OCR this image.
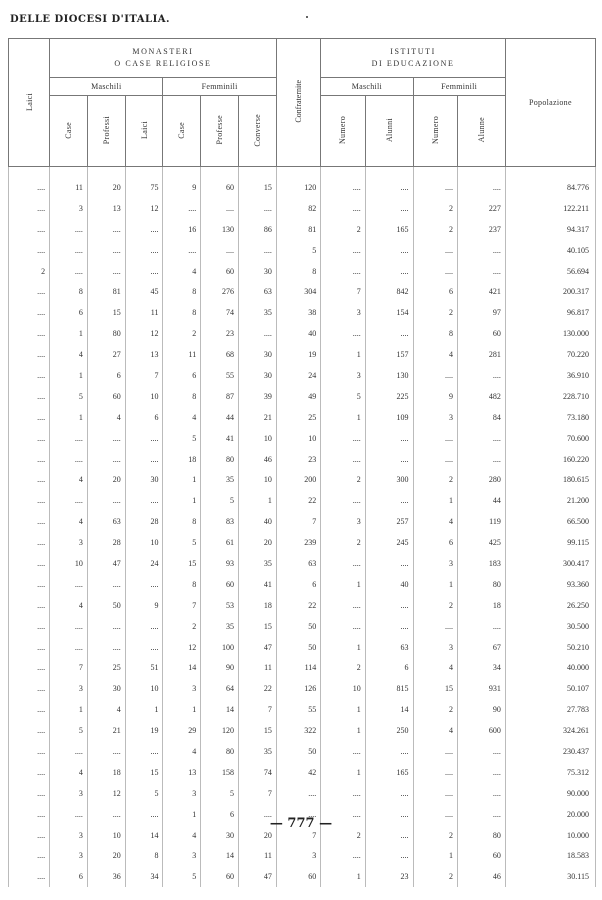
DELLE DIOCESI D'ITALIA.
Laici	MONASTERI
O CASE RELIGIOSE						Confraternite	ISTITUTI
DI EDUCAZIONE				Popolazione
	Maschili			Femminili				Maschili		Femminili		
	Case	Professi	Laici	Case	Professe	Converse		Numero	Alunni	Numero	Alunne	

....	11	20	75	9	60	15	120	....	....	....	....	84.776
....	3	13	12	....	....	....	82	....	....	2	227	122.211
....	....	....	....	16	130	86	81	2	165	2	237	94.317
....	....	....	....	....	....	....	5	....	....	....	....	40.105
2	....	....	....	4	60	30	8	....	....	....	....	56.694
....	8	81	45	8	276	63	304	7	842	6	421	200.317
....	6	15	11	8	74	35	38	3	154	2	97	96.817
....	1	80	12	2	23	....	40	....	....	8	60	130.000
....	4	27	13	11	68	30	19	1	157	4	281	70.220
....	1	6	7	6	55	30	24	3	130	....	....	36.910
....	5	60	10	8	87	39	49	5	225	9	482	228.710
....	1	4	6	4	44	21	25	1	109	3	84	73.180
....	....	....	....	5	41	10	10	....	....	....	....	70.600
....	....	....	....	18	80	46	23	....	....	....	....	160.220
....	4	20	30	1	35	10	200	2	300	2	280	180.615
....	....	....	....	1	5	1	22	....	....	1	44	21.200
....	4	63	28	8	83	40	7	3	257	4	119	66.500
....	3	28	10	5	61	20	239	2	245	6	425	99.115
....	10	47	24	15	93	35	63	....	....	3	183	300.417
....	....	....	....	8	60	41	6	1	40	1	80	93.360
....	4	50	9	7	53	18	22	....	....	2	18	26.250
....	....	....	....	2	35	15	50	....	....	....	....	30.500
....	....	....	....	12	100	47	50	1	63	3	67	50.210
....	7	25	51	14	90	11	114	2	6	4	34	40.000
....	3	30	10	3	64	22	126	10	815	15	931	50.107
....	1	4	1	1	14	7	55	1	14	2	90	27.783
....	5	21	19	29	120	15	322	1	250	4	600	324.261
....	....	....	....	4	80	35	50	....	....	....	....	230.437
....	4	18	15	13	158	74	42	1	165	....	....	75.312
....	3	12	5	3	5	7	....	....	....	....	....	90.000
....	....	....	....	1	6	....	....	....	....	....	....	20.000
....	3	10	14	4	30	20	7	2	....	2	80	10.000
....	3	20	8	3	14	11	3	....	....	1	60	18.583
....	6	36	34	5	60	47	60	1	23	2	46	30.115
— 777 —
